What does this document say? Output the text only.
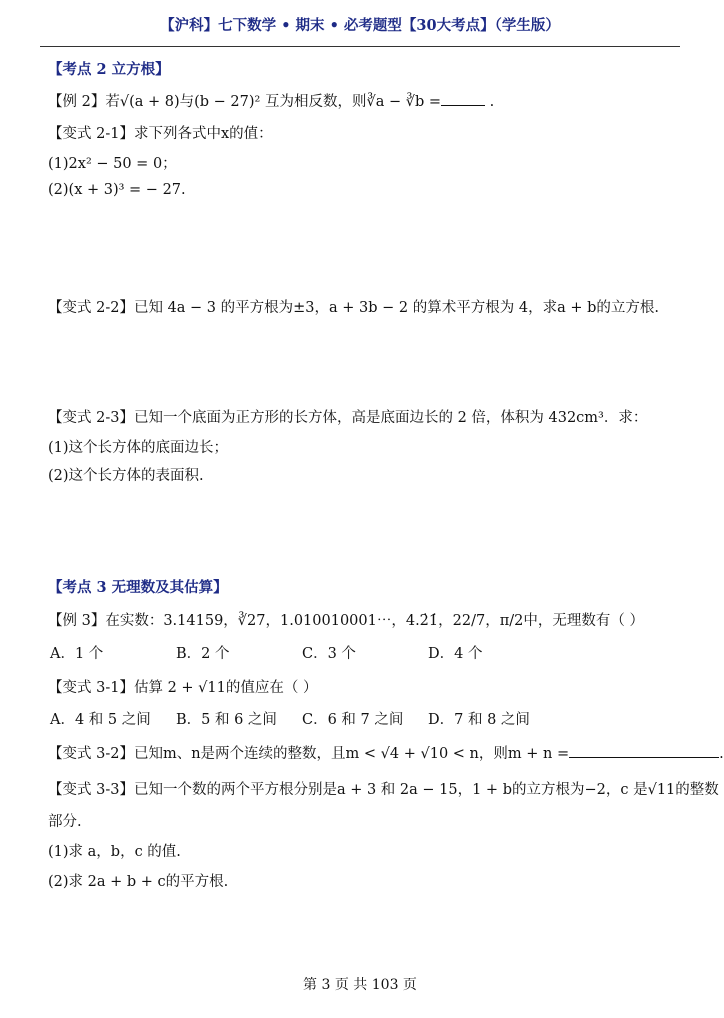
【沪科】七下数学 • 期末 • 必考题型【30大考点】（学生版）
【考点 2 立方根】
【例 2】若√(a + 8)与(b − 27)² 互为相反数，则∛a − ∛b =	.
【变式 2-1】求下列各式中x的值：
(1)2x² − 50 = 0；
(2)(x + 3)³ = − 27.
【变式 2-2】已知 4a − 3 的平方根为±3，a + 3b − 2 的算术平方根为 4，求a + b的立方根.
【变式 2-3】已知一个底面为正方形的长方体，高是底面边长的 2 倍，体积为 432cm³．求：
(1)这个长方体的底面边长；
(2)这个长方体的表面积.
【考点 3 无理数及其估算】
【例 3】在实数：3.14159，∛27，1.010010001⋯，4.2̇1̇，22/7，π/2中，无理数有（ ）
A．1 个	B．2 个	C．3 个	D．4 个
【变式 3-1】估算 2 + √11的值应在（ ）
A．4 和 5 之间 B．5 和 6 之间 C．6 和 7 之间 D．7 和 8 之间
【变式 3-2】已知m、n是两个连续的整数，且m < √4 + √10 < n，则m + n =	.
【变式 3-3】已知一个数的两个平方根分别是a + 3 和 2a − 15，1 + b的立方根为−2，c 是√11的整数
部分.
(1)求 a，b，c 的值.
(2)求 2a + b + c的平方根.
第 3 页 共 103 页
